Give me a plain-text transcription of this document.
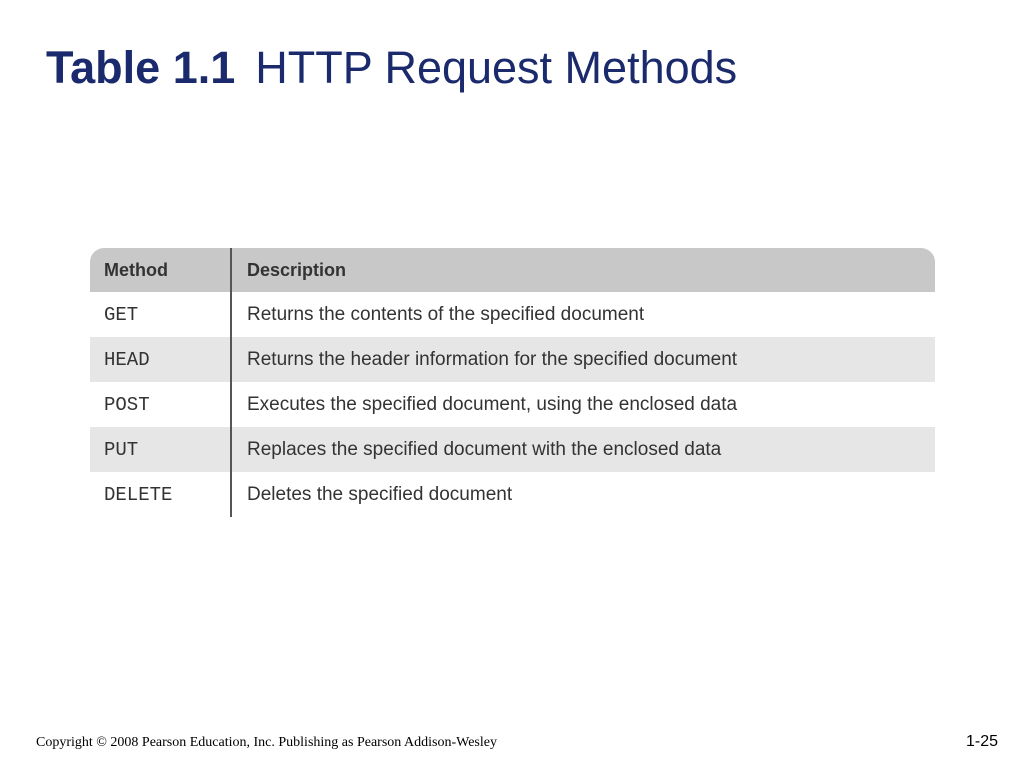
Table 1.1 HTTP Request Methods
Method	Description
GET	Returns the contents of the specified document
HEAD	Returns the header information for the specified document
POST	Executes the specified document, using the enclosed data
PUT	Replaces the specified document with the enclosed data
DELETE	Deletes the specified document
Copyright © 2008 Pearson Education, Inc. Publishing as Pearson Addison-Wesley	1-25
